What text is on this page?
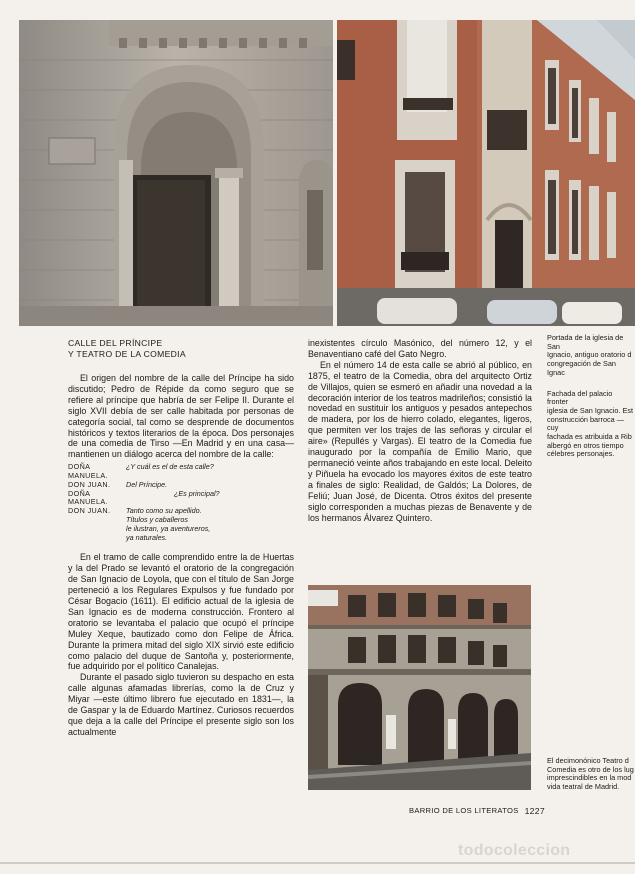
CALLE DEL PRÍNCIPE
Y TEATRO DE LA COMEDIA

El origen del nombre de la calle del Príncipe ha sido discutido; Pedro de Répide da como seguro que se refiere al príncipe que habría de ser Felipe II. Durante el siglo XVII debía de ser calle habitada por personas de categoría social, tal como se desprende de documentos históricos y textos literarios de la época. Dos personajes de una comedia de Tirso —En Madrid y en una casa— mantienen un diálogo acerca del nombre de la calle:

DOÑA MANUELA.
¿Y cuál es el de esta calle?
DON JUAN.	Del Príncipe.
DOÑA MANUELA.
¿Es principal?
DON JUAN.	Tanto como su apellido.
Títulos y caballeros
le ilustran, ya aventureros,
ya naturales.

En el tramo de calle comprendido entre la de Huertas y la del Prado se levantó el oratorio de la congregación de San Ignacio de Loyola, que con el título de San Jorge perteneció a los Regulares Expulsos y fue fundado por César Bogacio (1611). El edificio actual de la iglesia de San Ignacio es de moderna construcción. Frontero al oratorio se levantaba el palacio que ocupó el príncipe Muley Xeque, bautizado como don Felipe de África. Durante la primera mitad del siglo XIX sirvió este edificio como palacio del duque de Santoña y, posteriormente, fue adquirido por el político Canalejas.

Durante el pasado siglo tuvieron su despacho en esta calle algunas afamadas librerías, como la de Cruz y Miyar —este último librero fue ejecutado en 1831—, la de Gaspar y la de Eduardo Martínez. Curiosos recuerdos que deja a la calle del Príncipe el presente siglo son los actualmente

inexistentes círculo Masónico, del número 12, y el Benaventiano café del Gato Negro.

En el número 14 de esta calle se abrió al público, en 1875, el teatro de la Comedia, obra del arquitecto Ortiz de Villajos, quien se esmeró en añadir una novedad a la decoración interior de los teatros madrileños; consistió la novedad en sustituir los antiguos y pesados antepechos de madera, por los de hierro colado, elegantes, ligeros, que permiten ver los trajes de las señoras y circular el aire» (Repullés y Vargas). El teatro de la Comedia fue inaugurado por la compañía de Emilio Mario, que permaneció veinte años trabajando en este local. Deleito y Piñuela ha evocado los mayores éxitos de este teatro a finales de siglo: Realidad, de Galdós; La Dolores, de Feliú; Juan José, de Dicenta. Otros éxitos del presente siglo corresponden a muchas piezas de Benavente y de los hermanos Álvarez Quintero.

Portada de la iglesia de San
Ignacio, antiguo oratorio d
congregación de San Ignac

Fachada del palacio fronter
iglesia de San Ignacio. Est
construcción barroca —cuy
fachada es atribuida a Rib
albergó en otros tiempo
célebres personajes.

El decimonónico Teatro d
Comedia es otro de los lug
imprescindibles en la mod
vida teatral de Madrid.

BARRIO DE LOS LITERATOS 1227
todocoleccion
